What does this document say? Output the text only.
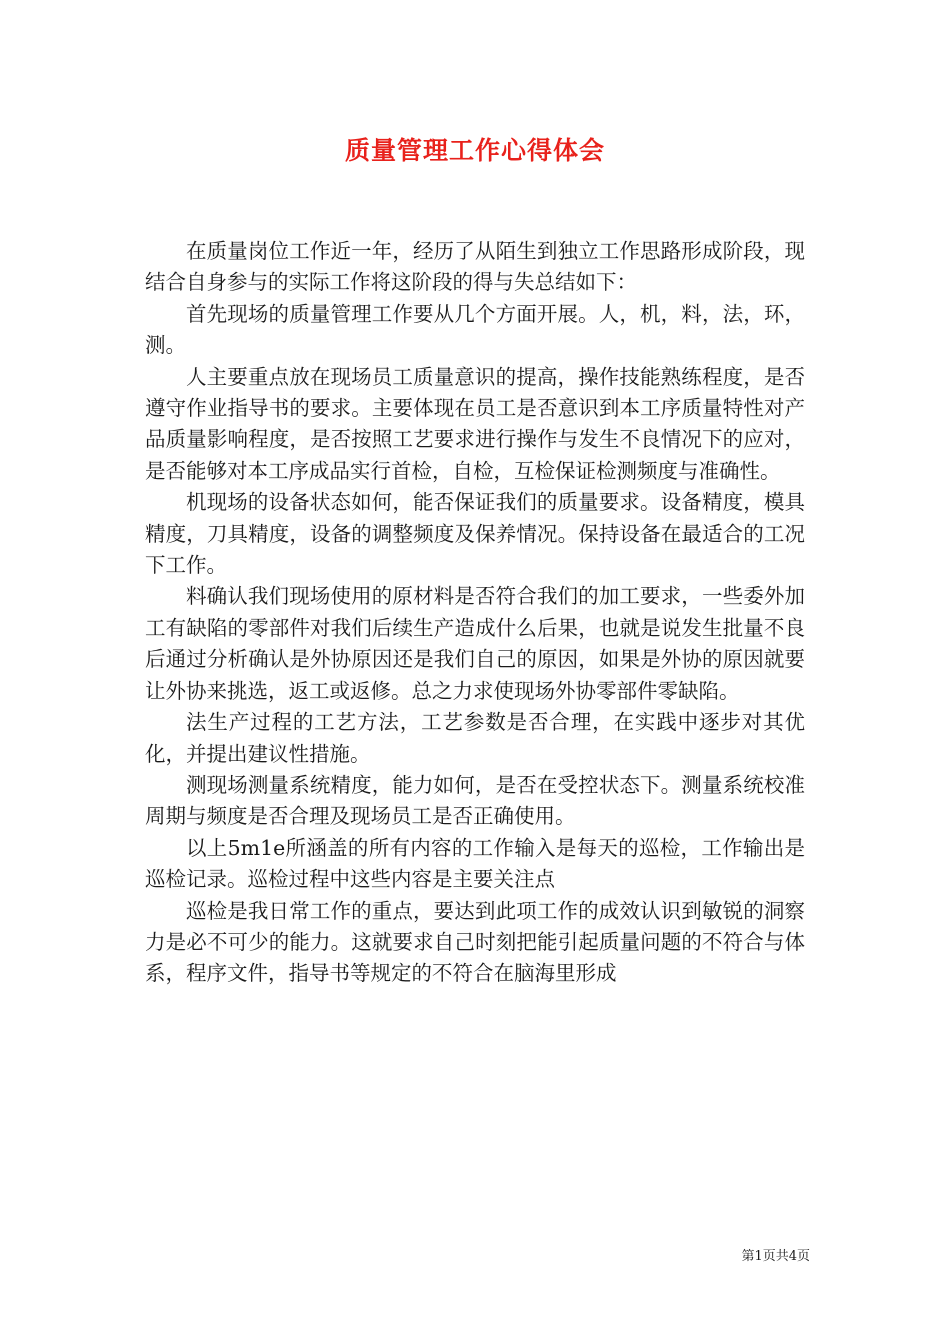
质量管理工作心得体会

在质量岗位工作近一年，经历了从陌生到独立工作思路形成阶段，现结合自身参与的实际工作将这阶段的得与失总结如下：

首先现场的质量管理工作要从几个方面开展。人，机，料，法，环，测。

人主要重点放在现场员工质量意识的提高，操作技能熟练程度，是否遵守作业指导书的要求。主要体现在员工是否意识到本工序质量特性对产品质量影响程度，是否按照工艺要求进行操作与发生不良情况下的应对，是否能够对本工序成品实行首检，自检，互检保证检测频度与准确性。

机现场的设备状态如何，能否保证我们的质量要求。设备精度，模具精度，刀具精度，设备的调整频度及保养情况。保持设备在最适合的工况下工作。

料确认我们现场使用的原材料是否符合我们的加工要求，一些委外加工有缺陷的零部件对我们后续生产造成什么后果，也就是说发生批量不良后通过分析确认是外协原因还是我们自己的原因，如果是外协的原因就要让外协来挑选，返工或返修。总之力求使现场外协零部件零缺陷。

法生产过程的工艺方法，工艺参数是否合理，在实践中逐步对其优化，并提出建议性措施。

测现场测量系统精度，能力如何，是否在受控状态下。测量系统校准周期与频度是否合理及现场员工是否正确使用。

以上5m1e所涵盖的所有内容的工作输入是每天的巡检，工作输出是巡检记录。巡检过程中这些内容是主要关注点

巡检是我日常工作的重点，要达到此项工作的成效认识到敏锐的洞察力是必不可少的能力。这就要求自己时刻把能引起质量问题的不符合与体系，程序文件，指导书等规定的不符合在脑海里形成

第1页共4页
